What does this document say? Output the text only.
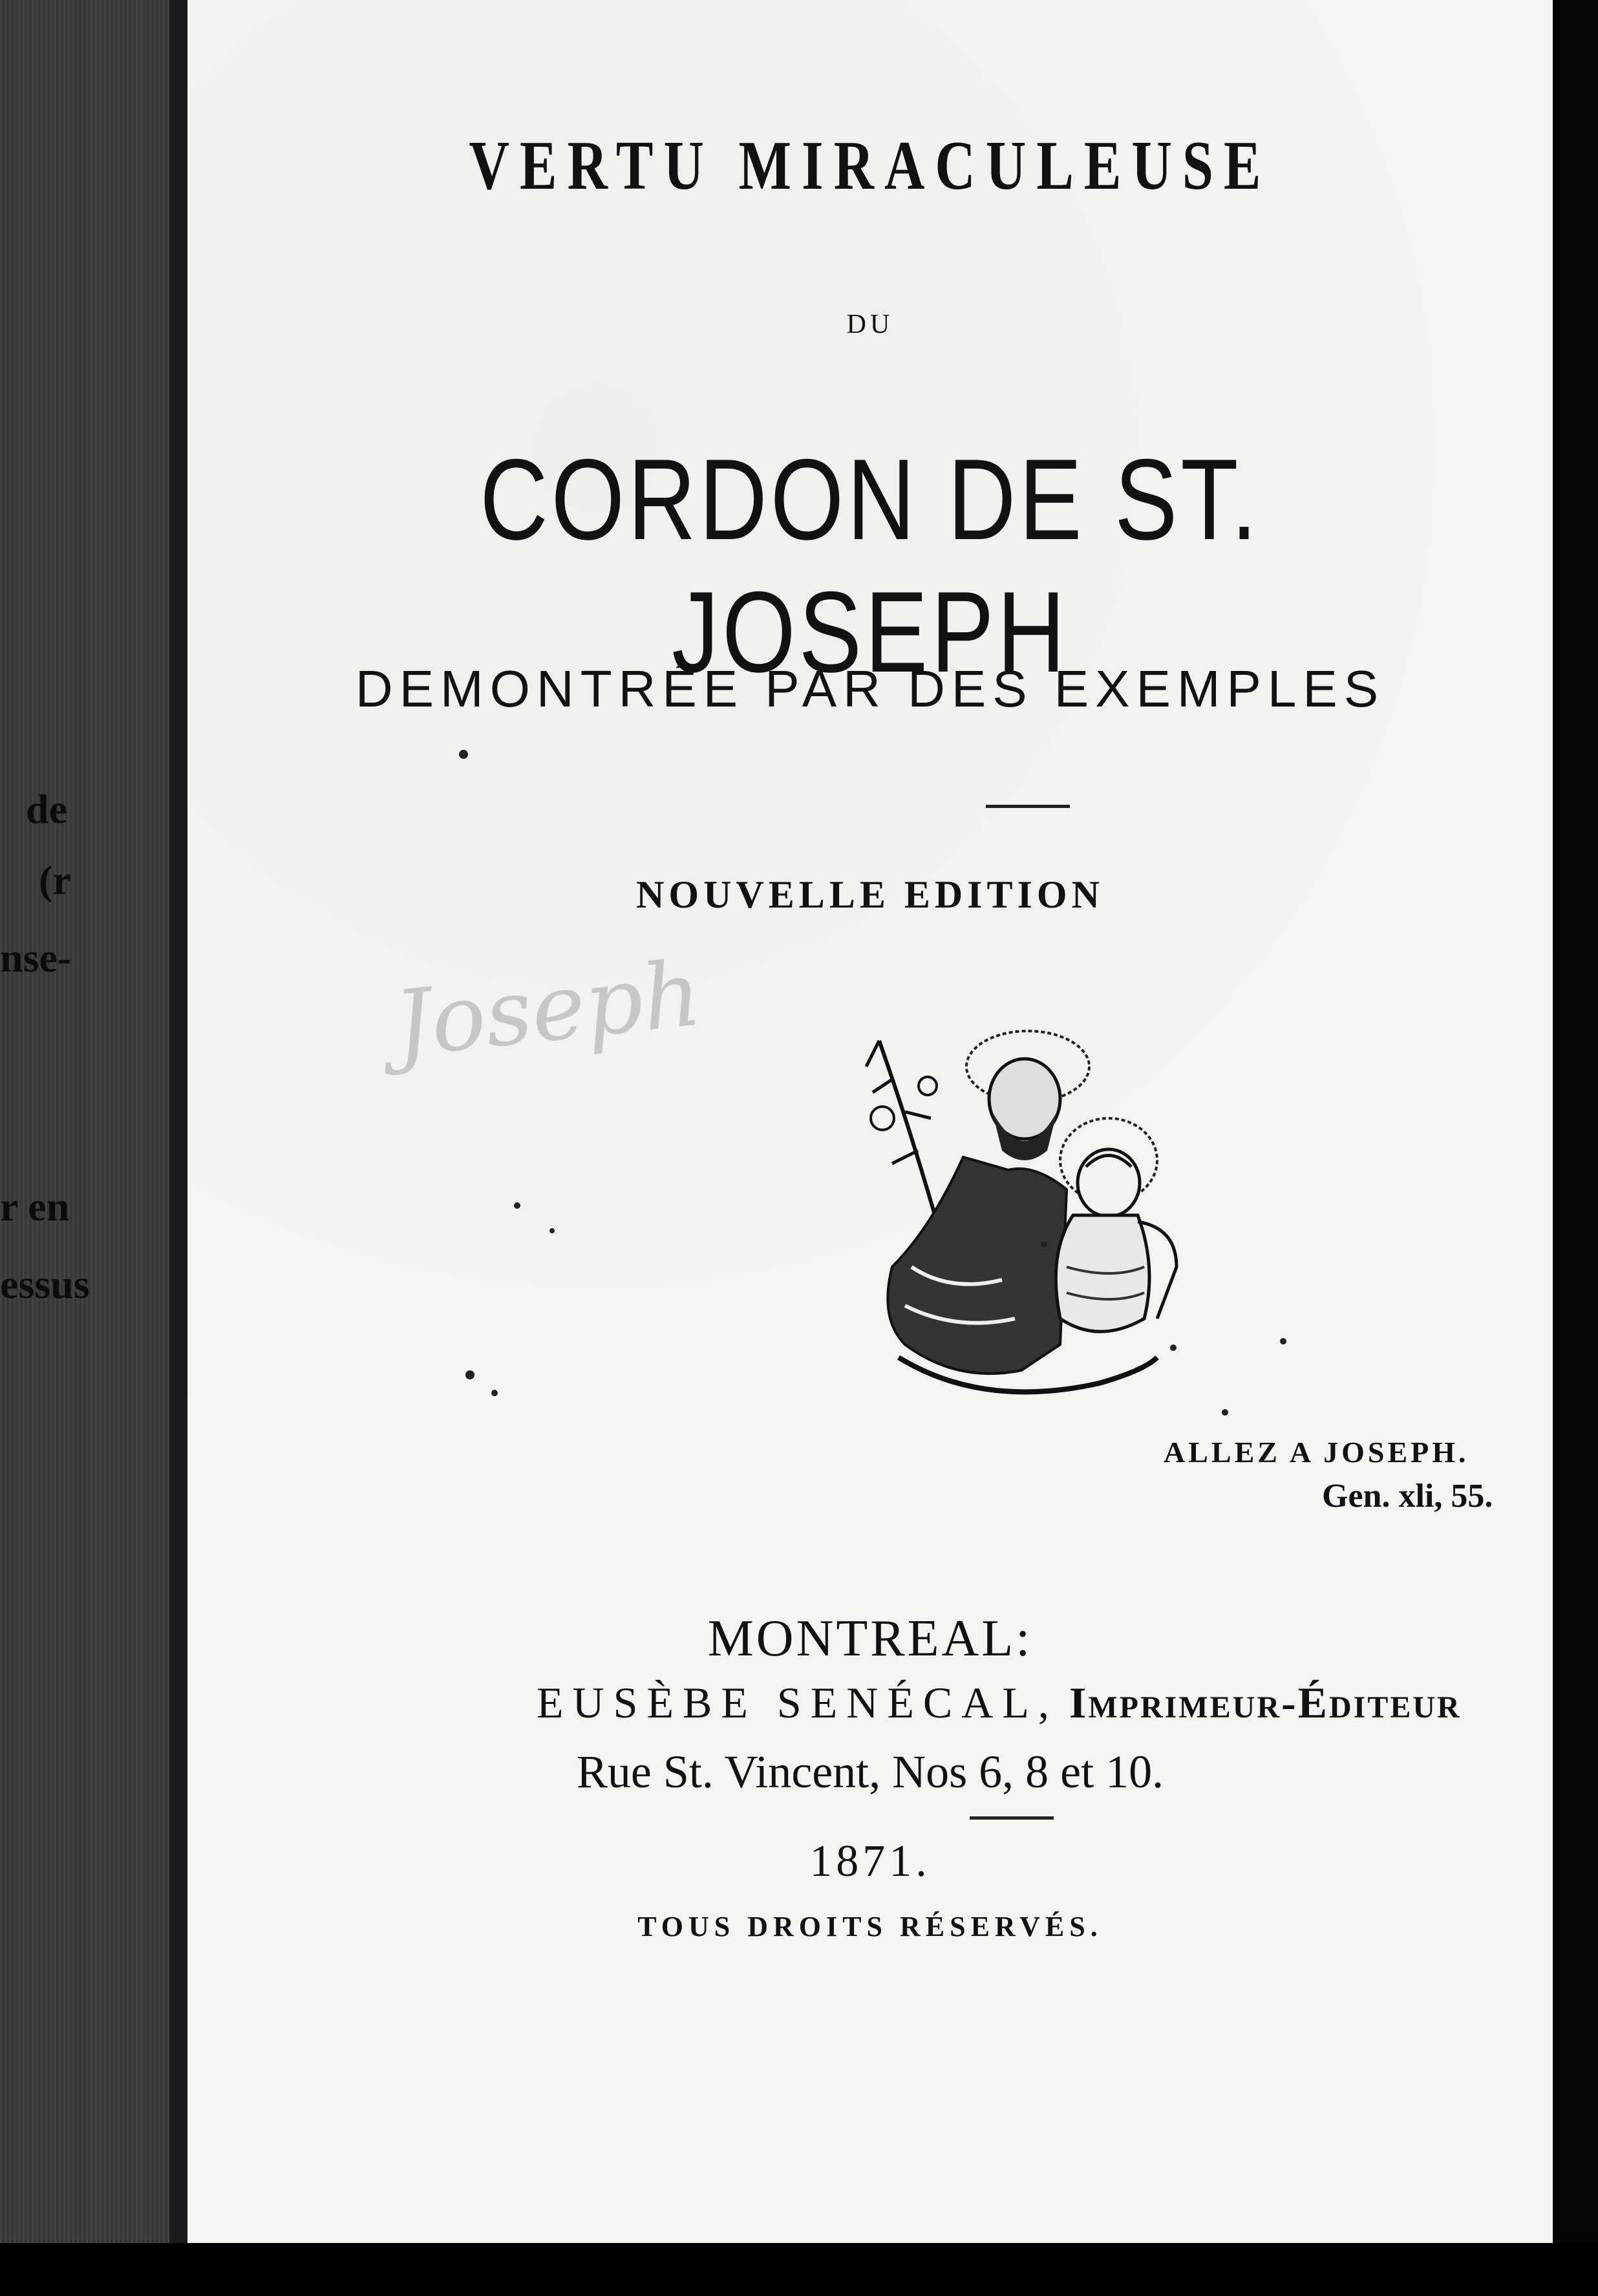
de
(r
nse-
r en
essus
VERTU MIRACULEUSE
DU
CORDON DE ST. JOSEPH
DEMONTRÉE PAR DES EXEMPLES
NOUVELLE EDITION
Joseph
ALLEZ A JOSEPH.
Gen. xli, 55.
MONTREAL:
EUSÈBE SENÉCAL, Imprimeur-Éditeur
Rue St. Vincent, Nos 6, 8 et 10.
1871.
TOUS DROITS RÉSERVÉS.
